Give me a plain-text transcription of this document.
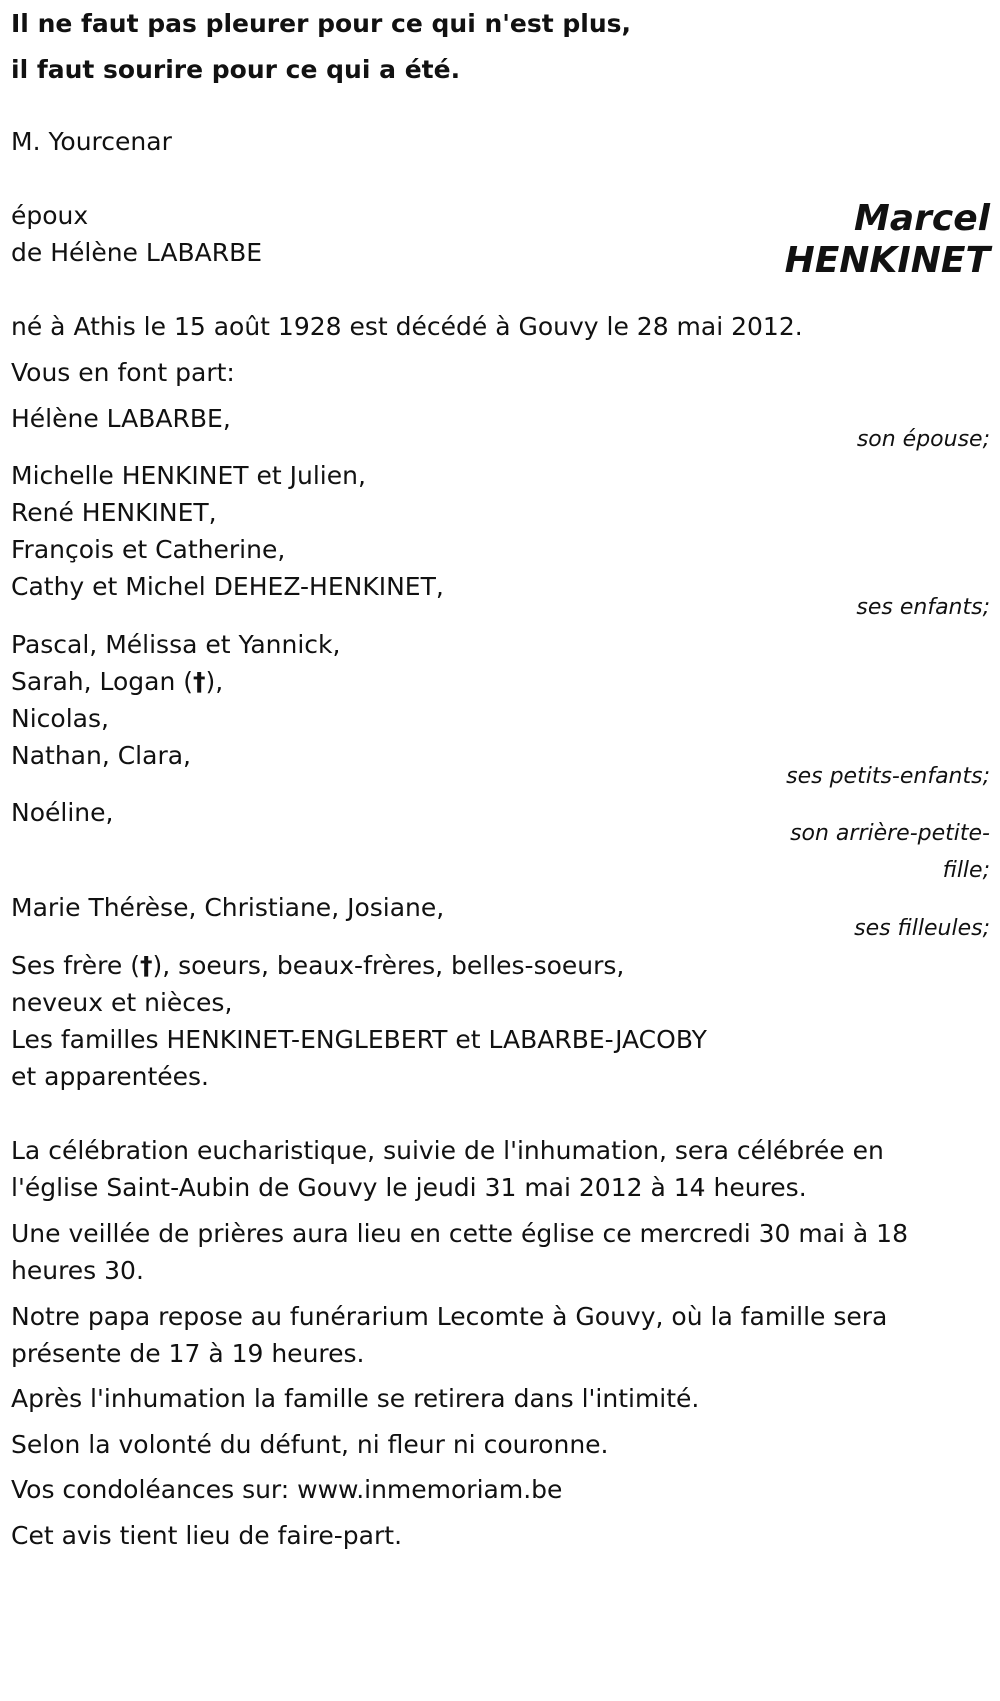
Il ne faut pas pleurer pour ce qui n'est plus,

il faut sourire pour ce qui a été.

M. Yourcenar

époux

de Hélène LABARBE

Marcel

HENKINET

né à Athis le 15 août 1928 est décédé à Gouvy le 28 mai 2012.

Vous en font part:

Hélène LABARBE,

son épouse;

Michelle HENKINET et Julien,

René HENKINET,

François et Catherine,

Cathy et Michel DEHEZ-HENKINET,

ses enfants;

Pascal, Mélissa et Yannick,

Sarah, Logan (†),

Nicolas,

Nathan, Clara,

ses petits-enfants;

Noéline,

son arrière-petite-

fille;

Marie Thérèse, Christiane, Josiane,

ses filleules;

Ses frère (†), soeurs, beaux-frères, belles-soeurs,

neveux et nièces,

Les familles HENKINET-ENGLEBERT et LABARBE-JACOBY

et apparentées.

La célébration eucharistique, suivie de l'inhumation, sera célébrée en

l'église Saint-Aubin de Gouvy le jeudi 31 mai 2012 à 14 heures.

Une veillée de prières aura lieu en cette église ce mercredi 30 mai à 18

heures 30.

Notre papa repose au funérarium Lecomte à Gouvy, où la famille sera

présente de 17 à 19 heures.

Après l'inhumation la famille se retirera dans l'intimité.

Selon la volonté du défunt, ni fleur ni couronne.

Vos condoléances sur: www.inmemoriam.be

Cet avis tient lieu de faire-part.
